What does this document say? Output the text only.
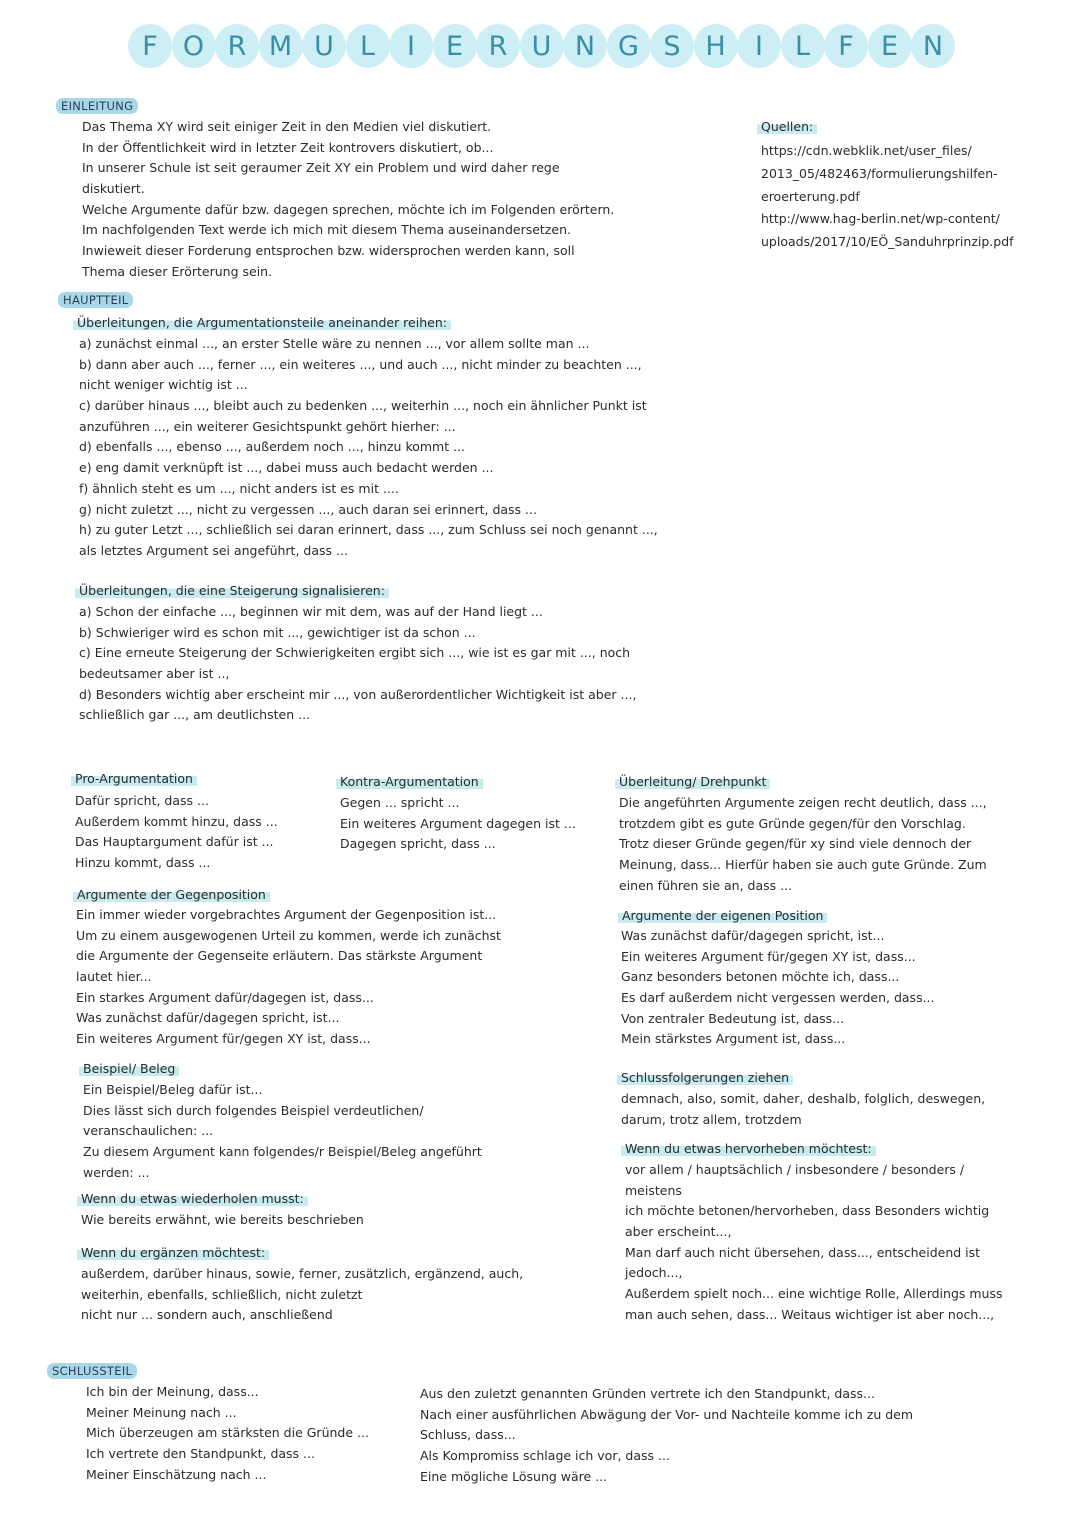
F O R M U L	I	E R U N G S H	I	L	F	E N
EINLEITUNG
Das Thema XY wird seit einiger Zeit in den Medien viel diskutiert.
In der Öffentlichkeit wird in letzter Zeit kontrovers diskutiert, ob...
In unserer Schule ist seit geraumer Zeit XY ein Problem und wird daher rege
diskutiert.
Welche Argumente dafür bzw. dagegen sprechen, möchte ich im Folgenden erörtern.
Im nachfolgenden Text werde ich mich mit diesem Thema auseinandersetzen.
Inwieweit dieser Forderung entsprochen bzw. widersprochen werden kann, soll
Thema dieser Erörterung sein.
Quellen:
https://cdn.webklik.net/user_files/
2013_05/482463/formulierungshilfen-
eroerterung.pdf
http://www.hag-berlin.net/wp-content/
uploads/2017/10/EÖ_Sanduhrprinzip.pdf
HAUPTTEIL
Überleitungen, die Argumentationsteile aneinander reihen:
a) zunächst einmal ..., an erster Stelle wäre zu nennen ..., vor allem sollte man ...
b) dann aber auch ..., ferner ..., ein weiteres ..., und auch ..., nicht minder zu beachten ...,
nicht weniger wichtig ist ...
c) darüber hinaus ..., bleibt auch zu bedenken ..., weiterhin ..., noch ein ähnlicher Punkt ist
anzuführen ..., ein weiterer Gesichtspunkt gehört hierher: ...
d) ebenfalls ..., ebenso ..., außerdem noch ..., hinzu kommt ...
e) eng damit verknüpft ist ..., dabei muss auch bedacht werden ...
f) ähnlich steht es um ..., nicht anders ist es mit ....
g) nicht zuletzt ..., nicht zu vergessen ..., auch daran sei erinnert, dass ...
h) zu guter Letzt ..., schließlich sei daran erinnert, dass ..., zum Schluss sei noch genannt ...,
als letztes Argument sei angeführt, dass ...
Überleitungen, die eine Steigerung signalisieren:
a) Schon der einfache ..., beginnen wir mit dem, was auf der Hand liegt ...
b) Schwieriger wird es schon mit ..., gewichtiger ist da schon ...
c) Eine erneute Steigerung der Schwierigkeiten ergibt sich ..., wie ist es gar mit ..., noch
bedeutsamer aber ist ..,
d) Besonders wichtig aber erscheint mir ..., von außerordentlicher Wichtigkeit ist aber ...,
schließlich gar ..., am deutlichsten ...
Pro-Argumentation
Dafür spricht, dass ...
Außerdem kommt hinzu, dass ...
Das Hauptargument dafür ist ...
Hinzu kommt, dass ...
Kontra-Argumentation
Gegen ... spricht ...
Ein weiteres Argument dagegen ist ...
Dagegen spricht, dass ...
Überleitung/ Drehpunkt
Die angeführten Argumente zeigen recht deutlich, dass ...,
trotzdem gibt es gute Gründe gegen/für den Vorschlag.
Trotz dieser Gründe gegen/für xy sind viele dennoch der
Meinung, dass... Hierfür haben sie auch gute Gründe. Zum
einen führen sie an, dass ...
Argumente der Gegenposition
Ein immer wieder vorgebrachtes Argument der Gegenposition ist...
Um zu einem ausgewogenen Urteil zu kommen, werde ich zunächst
die Argumente der Gegenseite erläutern. Das stärkste Argument
lautet hier...
Ein starkes Argument dafür/dagegen ist, dass...
Was zunächst dafür/dagegen spricht, ist...
Ein weiteres Argument für/gegen XY ist, dass...
Argumente der eigenen Position
Was zunächst dafür/dagegen spricht, ist...
Ein weiteres Argument für/gegen XY ist, dass...
Ganz besonders betonen möchte ich, dass...
Es darf außerdem nicht vergessen werden, dass...
Von zentraler Bedeutung ist, dass...
Mein stärkstes Argument ist, dass...
Beispiel/ Beleg
Ein Beispiel/Beleg dafür ist...
Dies lässt sich durch folgendes Beispiel verdeutlichen/
veranschaulichen: ...
Zu diesem Argument kann folgendes/r Beispiel/Beleg angeführt
werden: ...
Schlussfolgerungen ziehen
demnach, also, somit, daher, deshalb, folglich, deswegen,
darum, trotz allem, trotzdem
Wenn du etwas wiederholen musst:
Wie bereits erwähnt, wie bereits beschrieben
Wenn du etwas hervorheben möchtest:
vor allem / hauptsächlich / insbesondere / besonders /
meistens
ich möchte betonen/hervorheben, dass Besonders wichtig
aber erscheint...,
Man darf auch nicht übersehen, dass..., entscheidend ist
jedoch...,
Außerdem spielt noch... eine wichtige Rolle, Allerdings muss
man auch sehen, dass... Weitaus wichtiger ist aber noch...,
Wenn du ergänzen möchtest:
außerdem, darüber hinaus, sowie, ferner, zusätzlich, ergänzend, auch,
weiterhin, ebenfalls, schließlich, nicht zuletzt
nicht nur ... sondern auch, anschließend
SCHLUSSTEIL
Ich bin der Meinung, dass...
Meiner Meinung nach ...
Mich überzeugen am stärksten die Gründe ...
Ich vertrete den Standpunkt, dass ...
Meiner Einschätzung nach ...
Aus den zuletzt genannten Gründen vertrete ich den Standpunkt, dass...
Nach einer ausführlichen Abwägung der Vor- und Nachteile komme ich zu dem
Schluss, dass...
Als Kompromiss schlage ich vor, dass ...
Eine mögliche Lösung wäre ...
